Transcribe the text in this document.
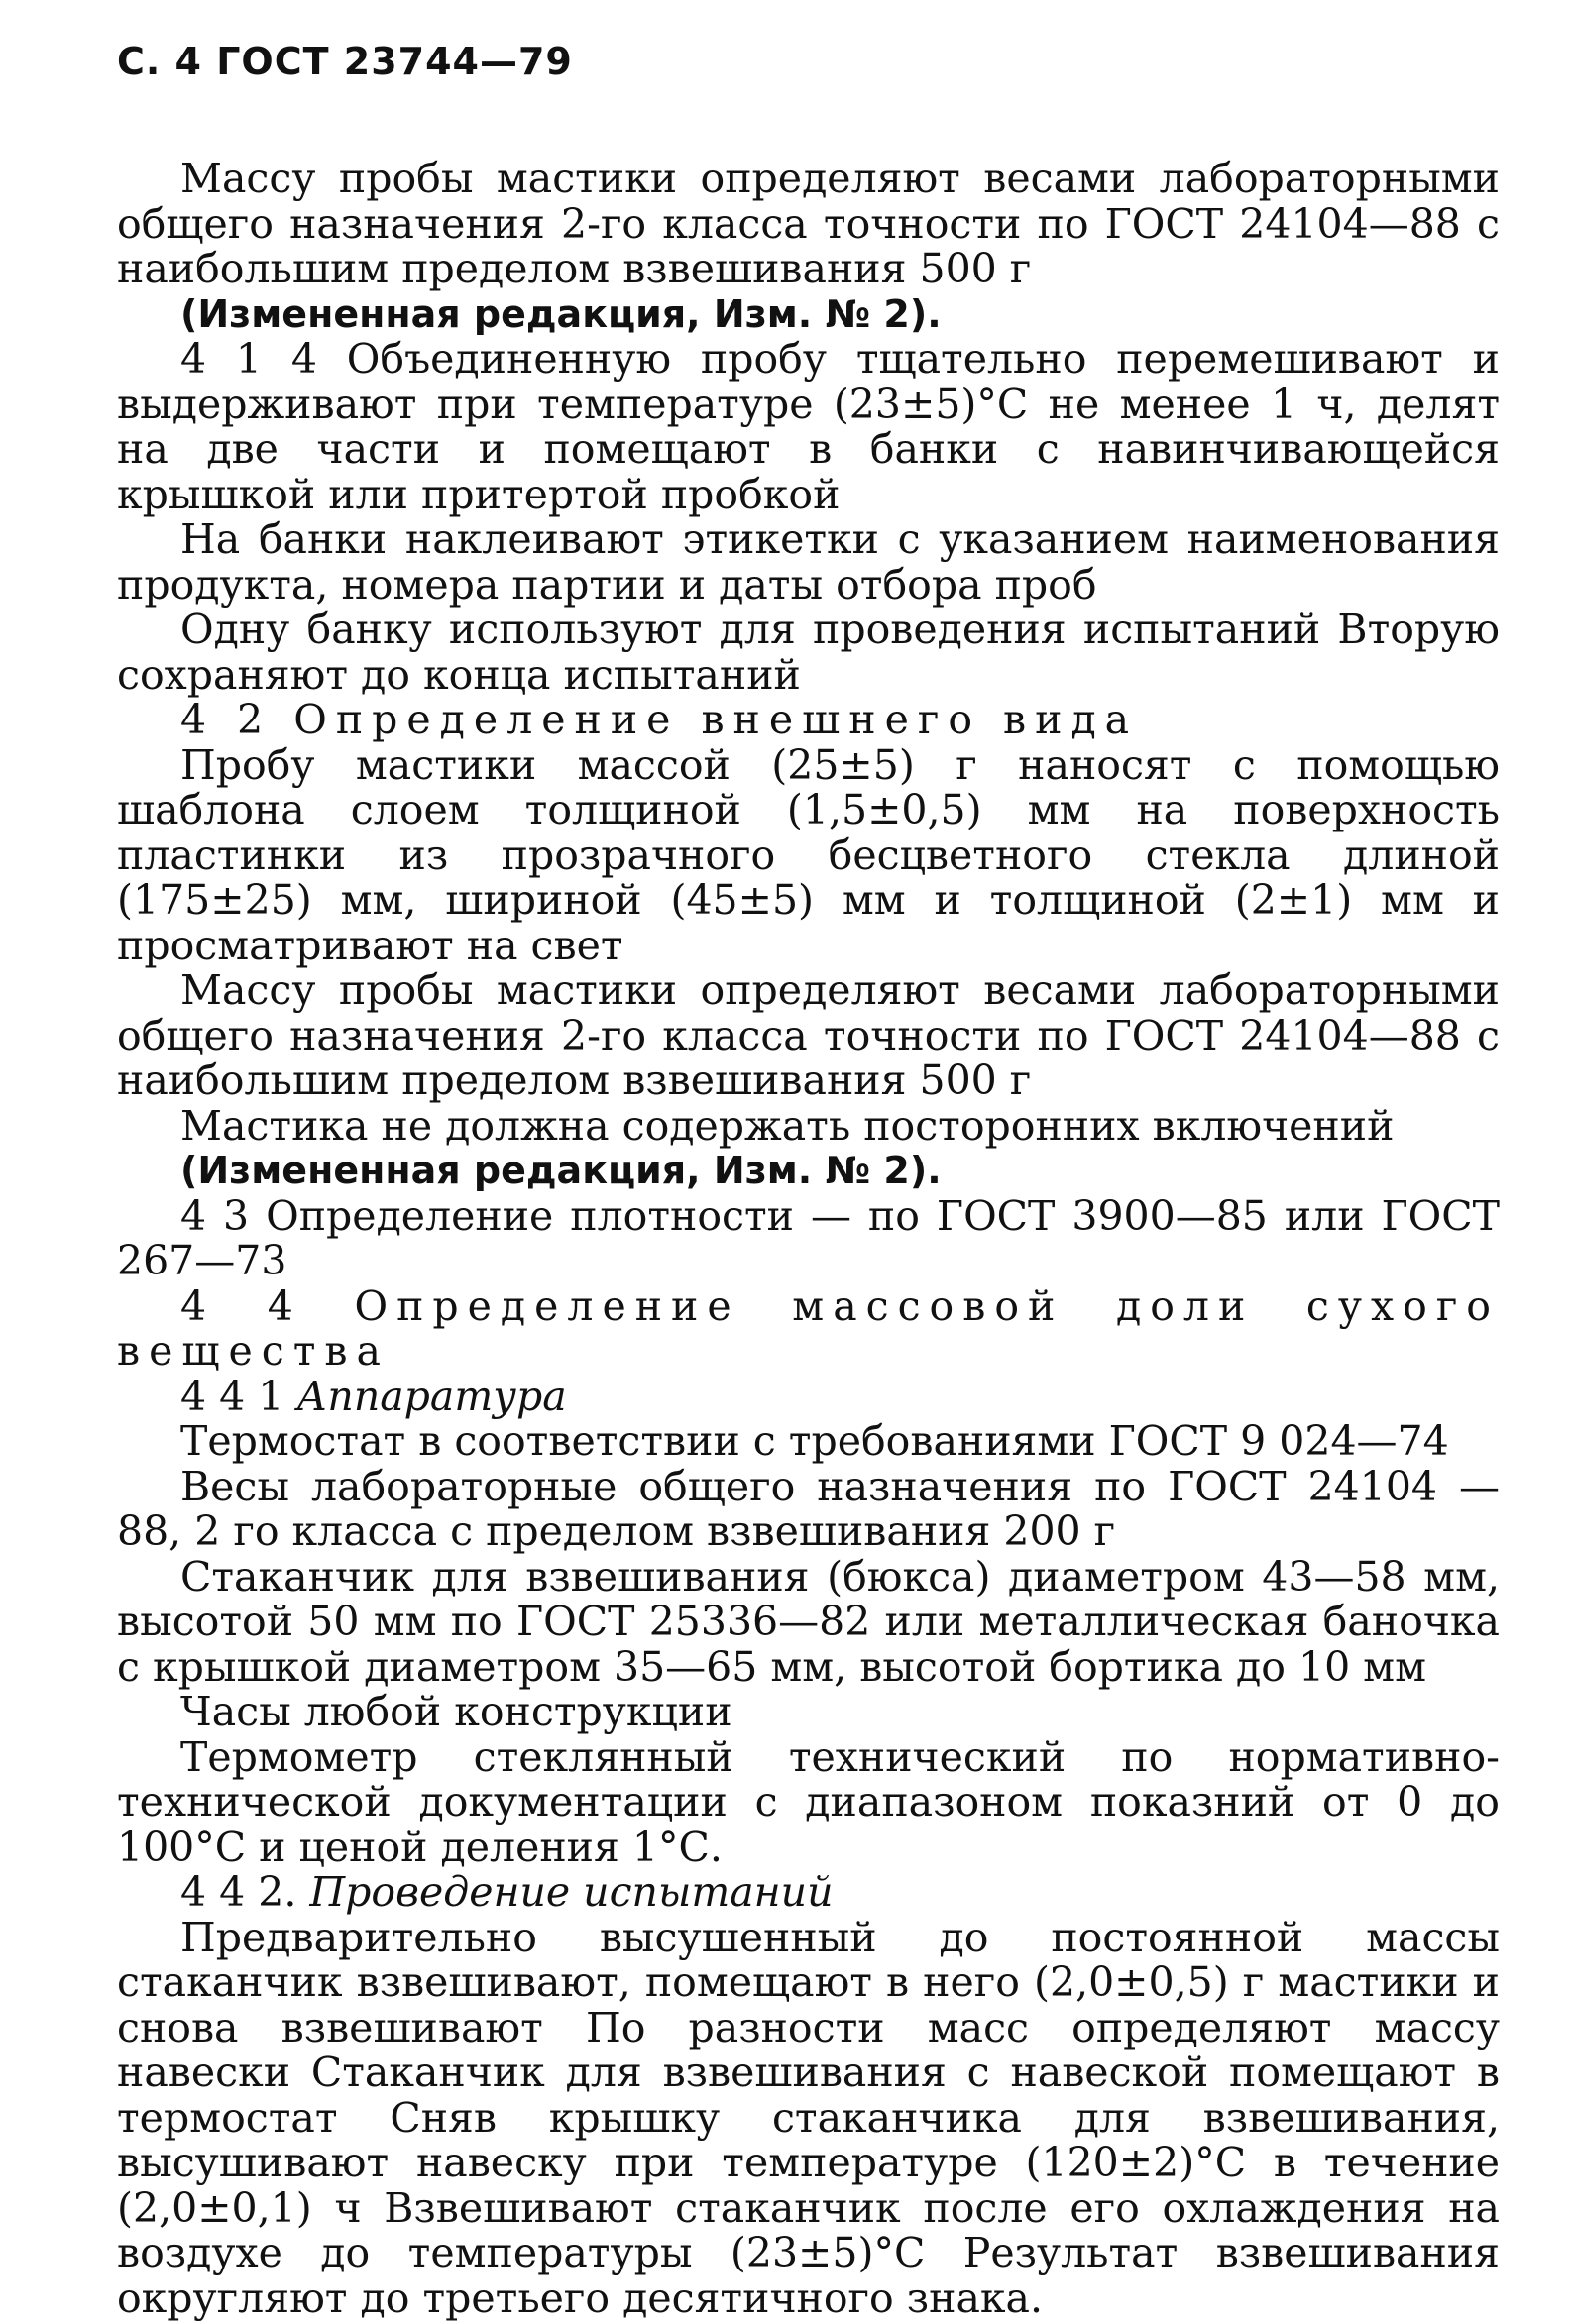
С. 4 ГОСТ 23744—79

Массу пробы мастики определяют весами лабораторными общего назначения 2-го класса точности по ГОСТ 24104—88 с наибольшим пределом взвешивания 500 г

(Измененная редакция, Изм. № 2).

4 1 4 Объединенную пробу тщательно перемешивают и выдерживают при температуре (23±5)°С не менее 1 ч, делят на две части и помещают в банки с навинчивающейся крышкой или притертой пробкой

На банки наклеивают этикетки с указанием наименования продукта, номера партии и даты отбора проб

Одну банку используют для проведения испытаний Вторую сохраняют до конца испытаний

4 2 Определение внешнего вида

Пробу мастики массой (25±5) г наносят с помощью шаблона слоем толщиной (1,5±0,5) мм на поверхность пластинки из прозрачного бесцветного стекла длиной (175±25) мм, шириной (45±5) мм и толщиной (2±1) мм и просматривают на свет

Массу пробы мастики определяют весами лабораторными общего назначения 2-го класса точности по ГОСТ 24104—88 с наибольшим пределом взвешивания 500 г

Мастика не должна содержать посторонних включений

(Измененная редакция, Изм. № 2).

4 3 Определение плотности — по ГОСТ 3900—85 или ГОСТ 267—73

4 4 Определение массовой доли сухого вещества

4 4 1 Аппаратура

Термостат в соответствии с требованиями ГОСТ 9 024—74

Весы лабораторные общего назначения по ГОСТ 24104 —88, 2 го класса с пределом взвешивания 200 г

Стаканчик для взвешивания (бюкса) диаметром 43—58 мм, высотой 50 мм по ГОСТ 25336—82 или металлическая баночка с крышкой диаметром 35—65 мм, высотой бортика до 10 мм

Часы любой конструкции

Термометр стеклянный технический по нормативно-технической документации с диапазоном показний от 0 до 100°С и ценой деления 1°С.

4 4 2. Проведение испытаний

Предварительно высушенный до постоянной массы стаканчик взвешивают, помещают в него (2,0±0,5) г мастики и снова взвешивают По разности масс определяют массу навески Стаканчик для взвешивания с навеской помещают в термостат Сняв крышку стаканчика для взвешивания, высушивают навеску при температуре (120±2)°С в течение (2,0±0,1) ч Взвешивают стаканчик после его охлаждения на воздухе до температуры (23±5)°С Результат взвешивания округляют до третьего десятичного знака.
